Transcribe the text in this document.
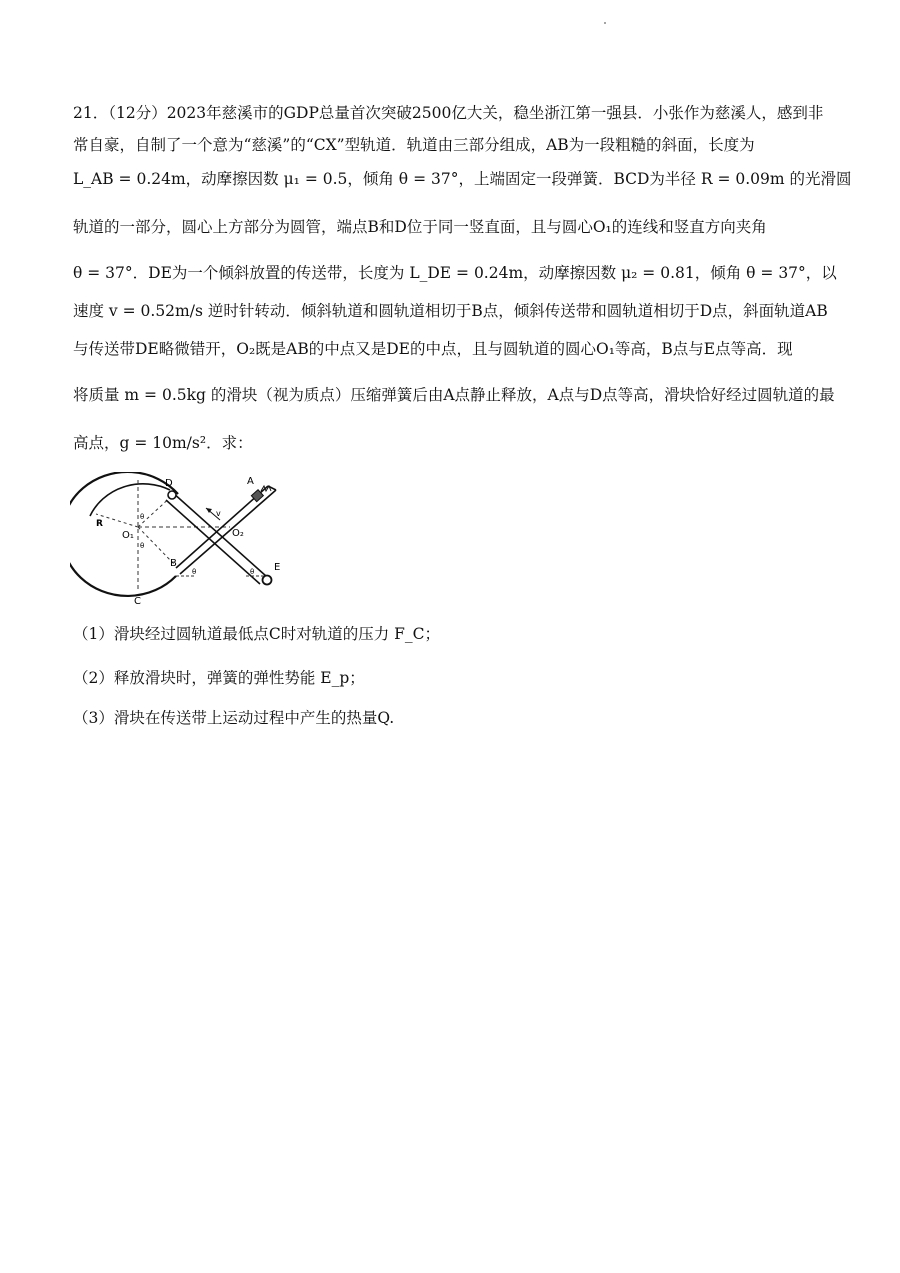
21．（12分）2023年慈溪市的GDP总量首次突破2500亿大关，稳坐浙江第一强县．小张作为慈溪人，感到非
常自豪，自制了一个意为“慈溪”的“CX”型轨道．轨道由三部分组成，AB为一段粗糙的斜面，长度为
L_AB = 0.24m，动摩擦因数 μ₁ = 0.5，倾角 θ = 37°，上端固定一段弹簧．BCD为半径 R = 0.09m 的光滑圆
轨道的一部分，圆心上方部分为圆管，端点B和D位于同一竖直面，且与圆心O₁的连线和竖直方向夹角
θ = 37°．DE为一个倾斜放置的传送带，长度为 L_DE = 0.24m，动摩擦因数 μ₂ = 0.81，倾角 θ = 37°，以
速度 v = 0.52m/s 逆时针转动．倾斜轨道和圆轨道相切于B点，倾斜传送带和圆轨道相切于D点，斜面轨道AB
与传送带DE略微错开，O₂既是AB的中点又是DE的中点，且与圆轨道的圆心O₁等高，B点与E点等高．现
将质量 m = 0.5kg 的滑块（视为质点）压缩弹簧后由A点静止释放，A点与D点等高，滑块恰好经过圆轨道的最
高点，g = 10m/s²．求：
D	A
R
O₁	O₂
B
C
E
v
θ
θ
θ	θ
（1）滑块经过圆轨道最低点C时对轨道的压力 F_C；
（2）释放滑块时，弹簧的弹性势能 E_p；
（3）滑块在传送带上运动过程中产生的热量Q.
